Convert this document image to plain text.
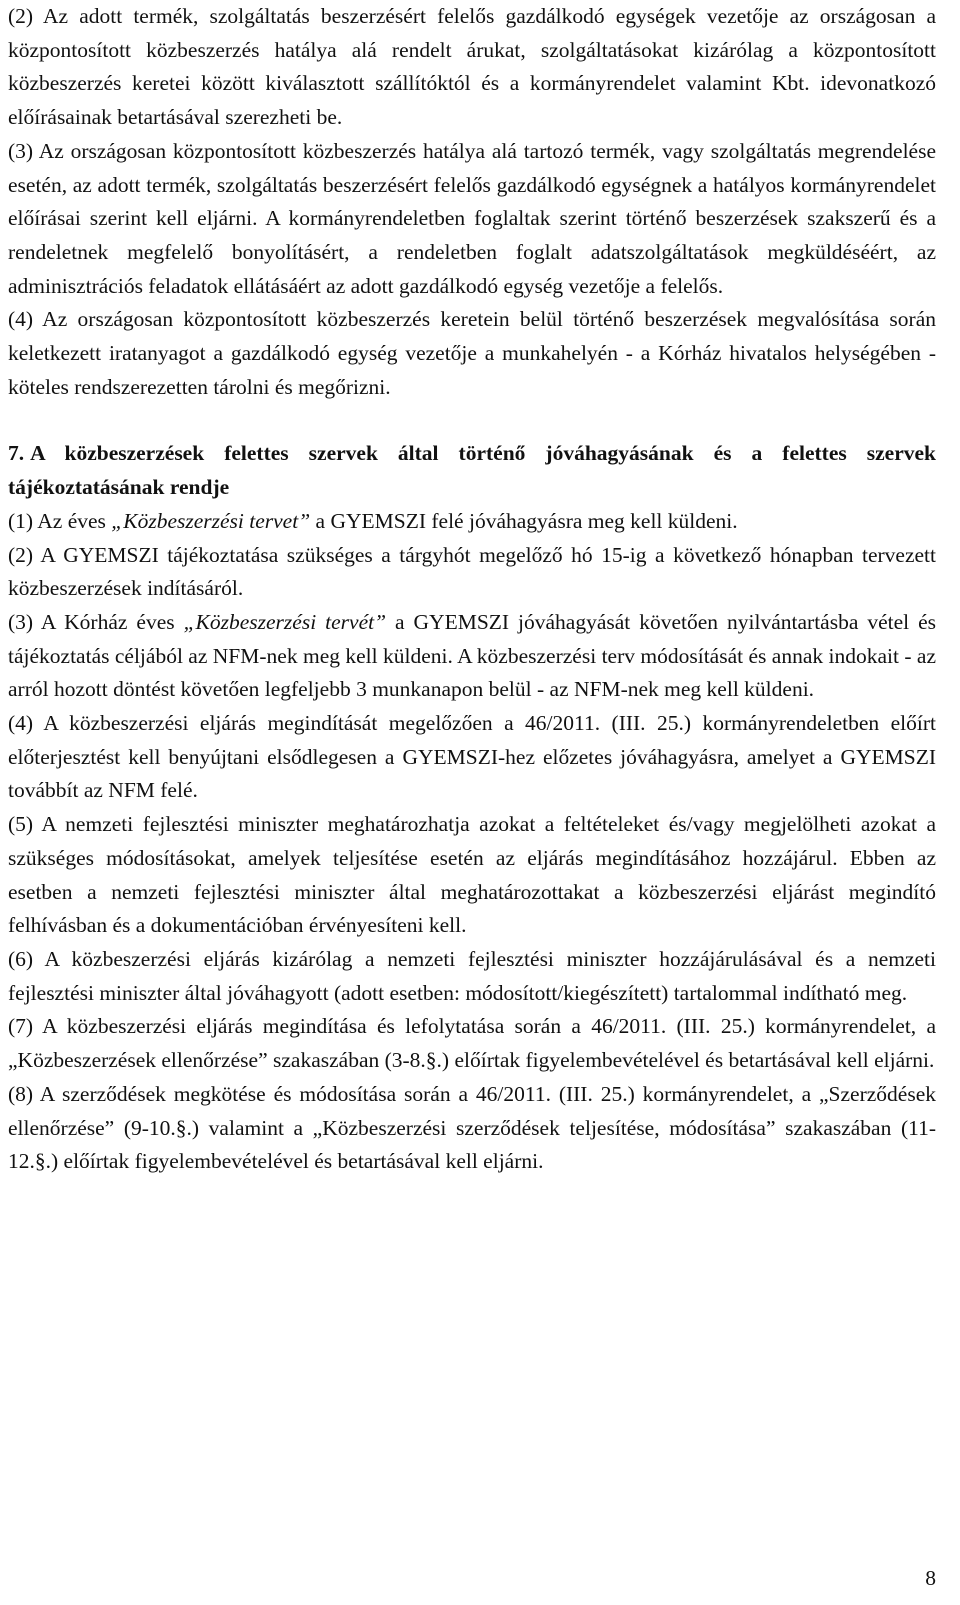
(2) Az adott termék, szolgáltatás beszerzésért felelős gazdálkodó egységek vezetője az országosan a központosított közbeszerzés hatálya alá rendelt árukat, szolgáltatásokat kizárólag a központosított közbeszerzés keretei között kiválasztott szállítóktól és a kormányrendelet valamint Kbt. idevonatkozó előírásainak betartásával szerezheti be.

(3) Az országosan központosított közbeszerzés hatálya alá tartozó termék, vagy szolgáltatás megrendelése esetén, az adott termék, szolgáltatás beszerzésért felelős gazdálkodó egységnek a hatályos kormányrendelet előírásai szerint kell eljárni. A kormányrendeletben foglaltak szerint történő beszerzések szakszerű és a rendeletnek megfelelő bonyolításért, a rendeletben foglalt adatszolgáltatások megküldéséért, az adminisztrációs feladatok ellátásáért az adott gazdálkodó egység vezetője a felelős.

(4) Az országosan központosított közbeszerzés keretein belül történő beszerzések megvalósítása során keletkezett iratanyagot a gazdálkodó egység vezetője a munkahelyén - a Kórház hivatalos helységében - köteles rendszerezetten tárolni és megőrizni.

7. A közbeszerzések felettes szervek által történő jóváhagyásának és a felettes szervek tájékoztatásának rendje

(1) Az éves „Közbeszerzési tervet” a GYEMSZI felé jóváhagyásra meg kell küldeni.

(2) A GYEMSZI tájékoztatása szükséges a tárgyhót megelőző hó 15-ig a következő hónapban tervezett közbeszerzések indításáról.

(3) A Kórház éves „Közbeszerzési tervét” a GYEMSZI jóváhagyását követően nyilvántartásba vétel és tájékoztatás céljából az NFM-nek meg kell küldeni. A közbeszerzési terv módosítását és annak indokait - az arról hozott döntést követően legfeljebb 3 munkanapon belül - az NFM-nek meg kell küldeni.

(4) A közbeszerzési eljárás megindítását megelőzően a 46/2011. (III. 25.) kormányrendeletben előírt előterjesztést kell benyújtani elsődlegesen a GYEMSZI-hez előzetes jóváhagyásra, amelyet a GYEMSZI továbbít az NFM felé.

(5) A nemzeti fejlesztési miniszter meghatározhatja azokat a feltételeket és/vagy megjelölheti azokat a szükséges módosításokat, amelyek teljesítése esetén az eljárás megindításához hozzájárul. Ebben az esetben a nemzeti fejlesztési miniszter által meghatározottakat a közbeszerzési eljárást megindító felhívásban és a dokumentációban érvényesíteni kell.

(6) A közbeszerzési eljárás kizárólag a nemzeti fejlesztési miniszter hozzájárulásával és a nemzeti fejlesztési miniszter által jóváhagyott (adott esetben: módosított/kiegészített) tartalommal indítható meg.

(7) A közbeszerzési eljárás megindítása és lefolytatása során a 46/2011. (III. 25.) kormányrendelet, a „Közbeszerzések ellenőrzése” szakaszában (3-8.§.) előírtak figyelembevételével és betartásával kell eljárni.

(8) A szerződések megkötése és módosítása során a 46/2011. (III. 25.) kormányrendelet, a „Szerződések ellenőrzése” (9-10.§.) valamint a „Közbeszerzési szerződések teljesítése, módosítása” szakaszában (11-12.§.) előírtak figyelembevételével és betartásával kell eljárni.

8
